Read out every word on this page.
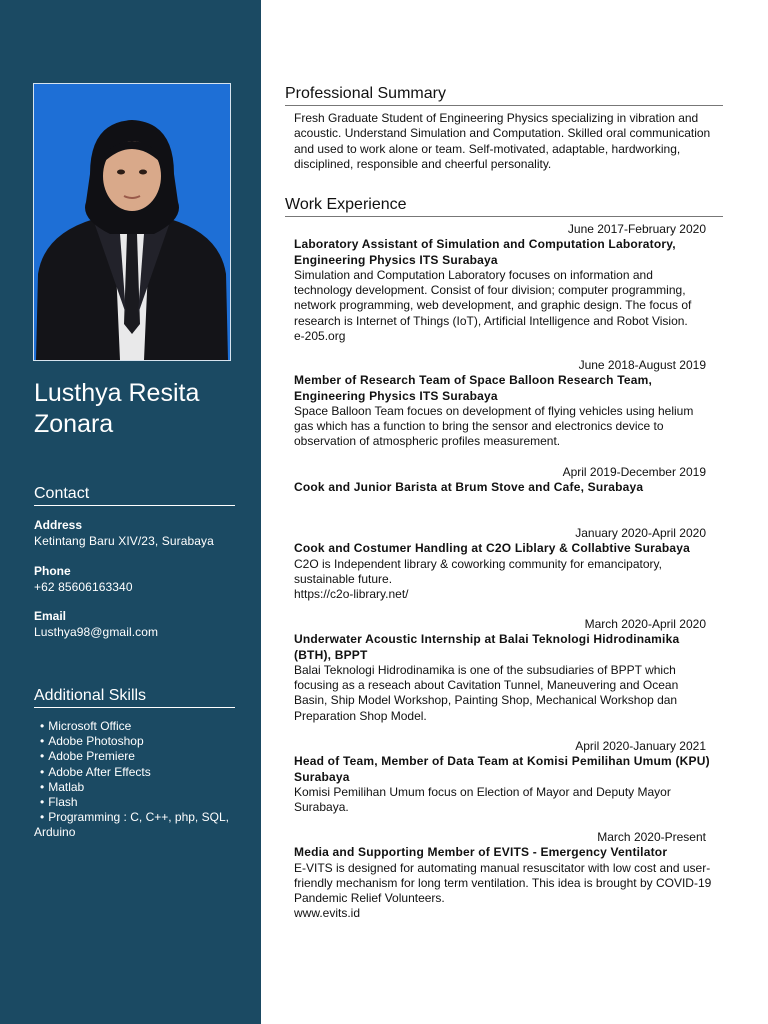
Lusthya Resita Zonara
Contact
Address
Ketintang Baru XIV/23, Surabaya
Phone
+62 85606163340
Email
Lusthya98@gmail.com
Additional Skills
• Microsoft Office
• Adobe Photoshop
• Adobe Premiere
• Adobe After Effects
• Matlab
• Flash
• Programming : C, C++, php, SQL, Arduino
Professional Summary
Fresh Graduate Student of Engineering Physics specializing in vibration and acoustic. Understand Simulation and Computation. Skilled oral communication and used to work alone or team. Self-motivated, adaptable, hardworking, disciplined, responsible and cheerful personality.
Work Experience
June 2017-February 2020
Laboratory Assistant of Simulation and Computation Laboratory, Engineering Physics ITS Surabaya
Simulation and Computation Laboratory focuses on information and technology development. Consist of four division; computer programming, network programming, web development, and graphic design. The focus of research is Internet of Things (IoT), Artificial Intelligence and Robot Vision.
e-205.org
June 2018-August 2019
Member of Research Team of Space Balloon Research Team, Engineering Physics ITS Surabaya
Space Balloon Team focues on development of flying vehicles using helium gas which has a function to bring the sensor and electronics device to observation of atmospheric profiles measurement.
April 2019-December 2019
Cook and Junior Barista at Brum Stove and Cafe, Surabaya
January 2020-April 2020
Cook and Costumer Handling at C2O Liblary & Collabtive Surabaya
C2O is Independent library & coworking community for emancipatory, sustainable future.
https://c2o-library.net/
March 2020-April 2020
Underwater Acoustic Internship at Balai Teknologi Hidrodinamika (BTH), BPPT
Balai Teknologi Hidrodinamika is one of the subsudiaries of BPPT which focusing as a reseach about Cavitation Tunnel, Maneuvering and Ocean Basin, Ship Model Workshop, Painting Shop, Mechanical Workshop dan Preparation Shop Model.
April 2020-January 2021
Head of Team, Member of Data Team at Komisi Pemilihan Umum (KPU) Surabaya
Komisi Pemilihan Umum focus on Election of Mayor and Deputy Mayor Surabaya.
March 2020-Present
Media and Supporting Member of EVITS - Emergency Ventilator
E-VITS is designed for automating manual resuscitator with low cost and user-friendly mechanism for long term ventilation. This idea is brought by COVID-19 Pandemic Relief Volunteers.
www.evits.id
